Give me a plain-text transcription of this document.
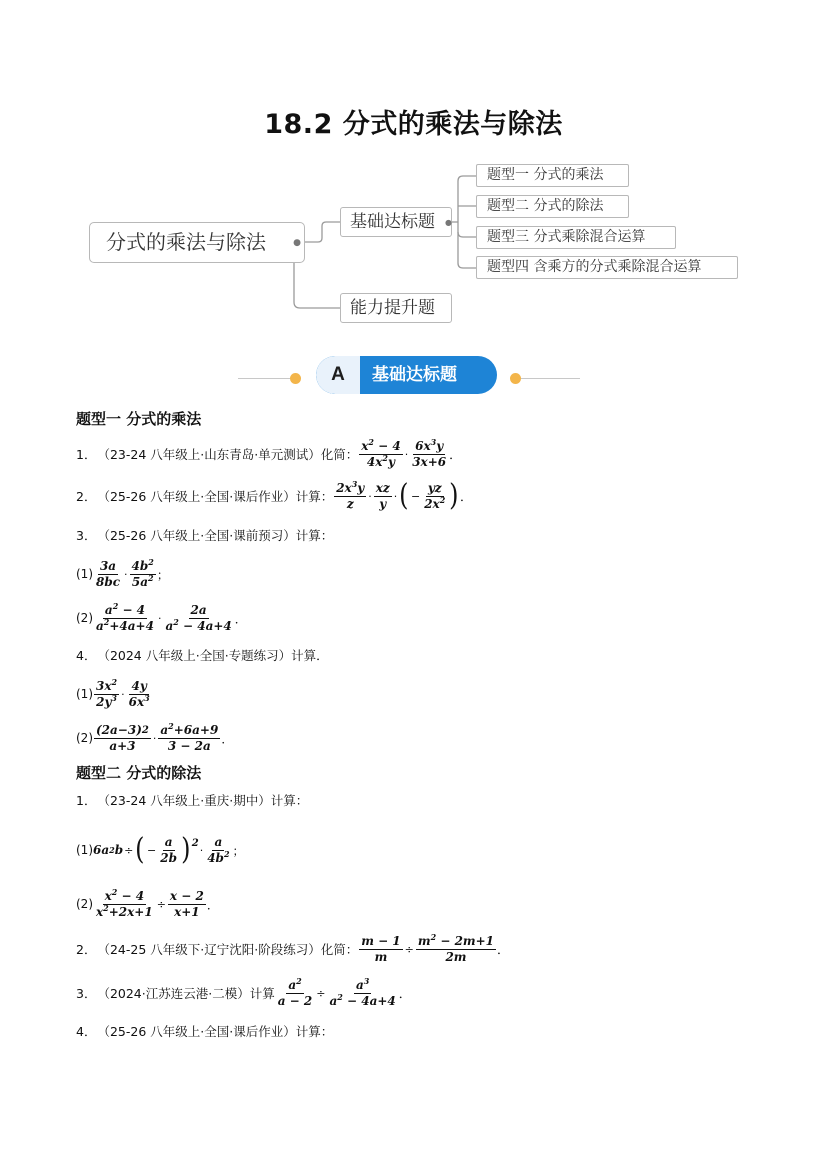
18.2 分式的乘法与除法
分式的乘法与除法	●
基础达标题 ●
能力提升题
题型一 分式的乘法
题型二 分式的除法
题型三 分式乘除混合运算
题型四 含乘方的分式乘除混合运算
A	基础达标题
题型一 分式的乘法
1． （23-24 八年级上·山东青岛·单元测试）化简： $\frac{x^2 - 4}{4x^2y} \cdot \frac{6x^3y}{3x+6}$ ．
2． （25-26 八年级上·全国·课后作业）计算： $\frac{2x^3y}{z} \cdot \frac{xz}{y}$ · ( − $\frac{yz}{2x^2}$ ) ．
3． （25-26 八年级上·全国·课前预习）计算：
$(1) \frac{3a}{8bc} \cdot \frac{4b^2}{5a^2}$ ；
$(2) \frac{a^2 - 4}{a^2+4a+4} \cdot \frac{2a}{a^2 - 4a+4}$ ．
4． （2024 八年级上·全国·专题练习）计算．
$(1) \frac{3x^2}{2y^3} \cdot \frac{4y}{6x^3}$
$(2) \frac{(2a-3)^2}{a+3} \cdot \frac{a^2+6a+9}{3 - 2a}$ ．
题型二 分式的除法
1． （23-24 八年级上·重庆·期中）计算：
(1) 6a 2 b ÷ ( − $\frac{a}{2b}$ ) 2
· $\frac{a}{4b^2}$ ；
$(2) \frac{x^2 - 4}{x^2+2x+1} \div \frac{x - 2}{x+1}$ ．
2． （24-25 八年级下·辽宁沈阳·阶段练习）化简： $\frac{m - 1}{m} \div \frac{m^2 - 2m+1}{2m}$ ．
3． （2024·江苏连云港·二模）计算 $\frac{a^2}{a - 2} \div \frac{a^3}{a^2 - 4a+4}$ ．
4． （25-26 八年级上·全国·课后作业）计算：
